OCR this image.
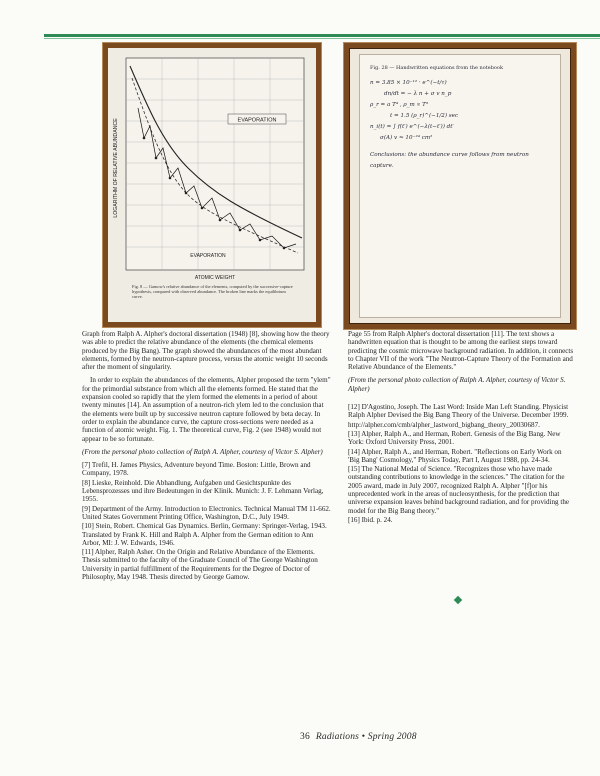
EVAPORATION
EVAPORATION
LOGARITHM OF RELATIVE ABUNDANCE
ATOMIC WEIGHT
Fig. 8 — Gamow's relative abundance of the elements, computed by the successive-capture hypothesis, compared with observed abundance. The broken line marks the equilibrium curve.
Fig. 28 — Handwritten equations from the notebook
n = 3.85 × 10⁻¹² · e^(−t/τ)
dn/dt = − λ n + σ v n_p
ρ_r = a T⁴ , ρ_m ∝ T³
t = 1.5 (ρ_r)^(−1/2) sec
n_i(t) = ∫ f(t′) e^(−λ(t−t′)) dt′
σ(A) v ≈ 10⁻²⁴ cm²
Conclusions: the abundance curve follows from neutron capture.

Graph from Ralph A. Alpher's doctoral dissertation (1948) [8], showing how the theory was able to predict the relative abundance of the elements (the chemical elements produced by the Big Bang). The graph showed the abundances of the most abundant elements, formed by the neutron-capture process, versus the atomic weight 10 seconds after the moment of singularity.

In order to explain the abundances of the elements, Alpher proposed the term "ylem" for the primordial substance from which all the elements formed. He stated that the expansion cooled so rapidly that the ylem formed the elements in a period of about twenty minutes [14]. An assumption of a neutron-rich ylem led to the conclusion that the elements were built up by successive neutron capture followed by beta decay. In order to explain the abundance curve, the capture cross-sections were needed as a function of atomic weight. Fig. 1. The theoretical curve, Fig. 2 (see 1948) would not appear to be so fortunate.

(From the personal photo collection of Ralph A. Alpher, courtesy of Victor S. Alpher)

[7] Trefil, H. James Physics, Adventure beyond Time. Boston: Little, Brown and Company, 1978.

[8] Lieske, Reinhold. Die Abhandlung, Aufgaben und Gesichtspunkte des Lebensprozesses und ihre Bedeutungen in der Klinik. Munich: J. F. Lehmann Verlag, 1955.

[9] Department of the Army. Introduction to Electronics. Technical Manual TM 11-662. United States Government Printing Office, Washington, D.C., July 1949.

[10] Stein, Robert. Chemical Gas Dynamics. Berlin, Germany: Springer-Verlag, 1943. Translated by Frank K. Hill and Ralph A. Alpher from the German edition to Ann Arbor, MI: J. W. Edwards, 1946.

[11] Alpher, Ralph Asher. On the Origin and Relative Abundance of the Elements. Thesis submitted to the faculty of the Graduate Council of The George Washington University in partial fulfillment of the Requirements for the Degree of Doctor of Philosophy, May 1948. Thesis directed by George Gamow.

Page 55 from Ralph Alpher's doctoral dissertation [11]. The text shows a handwritten equation that is thought to be among the earliest steps toward predicting the cosmic microwave background radiation. In addition, it connects to Chapter VII of the work "The Neutron-Capture Theory of the Formation and Relative Abundance of the Elements."

(From the personal photo collection of Ralph A. Alpher, courtesy of Victor S. Alpher)

[12] D'Agostino, Joseph. The Last Word: Inside Man Left Standing. Physicist Ralph Alpher Devised the Big Bang Theory of the Universe. December 1999.

http://alpher.com/cmb/alpher_lastword_bigbang_theory_20030687.

[13] Alpher, Ralph A., and Herman, Robert. Genesis of the Big Bang. New York: Oxford University Press, 2001.

[14] Alpher, Ralph A., and Herman, Robert. "Reflections on Early Work on 'Big Bang' Cosmology," Physics Today, Part I, August 1988, pp. 24-34.

[15] The National Medal of Science. "Recognizes those who have made outstanding contributions to knowledge in the sciences." The citation for the 2005 award, made in July 2007, recognized Ralph A. Alpher "[f]or his unprecedented work in the areas of nucleosynthesis, for the prediction that universe expansion leaves behind background radiation, and for providing the model for the Big Bang theory."

[16] Ibid. p. 24.

36 Radiations • Spring 2008
